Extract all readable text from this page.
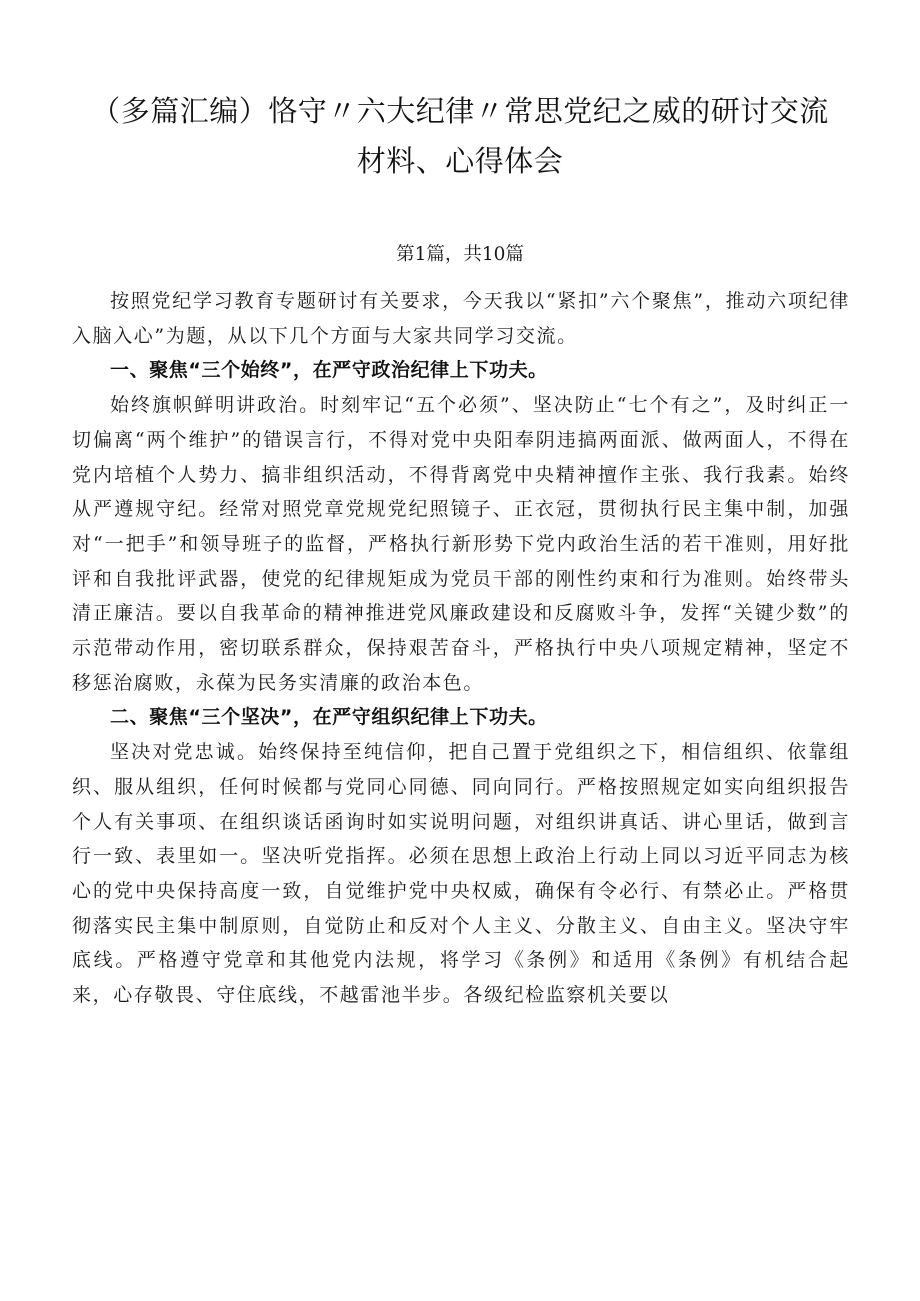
（多篇汇编）恪守〃六大纪律〃常思党纪之威的研讨交流
材料、心得体会
第1篇，共10篇

按照党纪学习教育专题研讨有关要求，今天我以“紧扣”六个聚焦”，推动六项纪律入脑入心”为题，从以下几个方面与大家共同学习交流。

一、聚焦“三个始终”，在严守政治纪律上下功夫。

始终旗帜鲜明讲政治。时刻牢记“五个必须”、坚决防止“七个有之”，及时纠正一切偏离“两个维护”的错误言行，不得对党中央阳奉阴违搞两面派、做两面人，不得在党内培植个人势力、搞非组织活动，不得背离党中央精神擅作主张、我行我素。始终从严遵规守纪。经常对照党章党规党纪照镜子、正衣冠，贯彻执行民主集中制，加强对“一把手”和领导班子的监督，严格执行新形势下党内政治生活的若干准则，用好批评和自我批评武器，使党的纪律规矩成为党员干部的刚性约束和行为准则。始终带头清正廉洁。要以自我革命的精神推进党风廉政建设和反腐败斗争，发挥“关键少数”的示范带动作用，密切联系群众，保持艰苦奋斗，严格执行中央八项规定精神，坚定不移惩治腐败，永葆为民务实清廉的政治本色。

二、聚焦“三个坚决”，在严守组织纪律上下功夫。

坚决对党忠诚。始终保持至纯信仰，把自己置于党组织之下，相信组织、依靠组织、服从组织，任何时候都与党同心同德、同向同行。严格按照规定如实向组织报告个人有关事项、在组织谈话函询时如实说明问题，对组织讲真话、讲心里话，做到言行一致、表里如一。坚决听党指挥。必须在思想上政治上行动上同以习近平同志为核心的党中央保持高度一致，自觉维护党中央权威，确保有令必行、有禁必止。严格贯彻落实民主集中制原则，自觉防止和反对个人主义、分散主义、自由主义。坚决守牢底线。严格遵守党章和其他党内法规，将学习《条例》和适用《条例》有机结合起来，心存敬畏、守住底线，不越雷池半步。各级纪检监察机关要以
